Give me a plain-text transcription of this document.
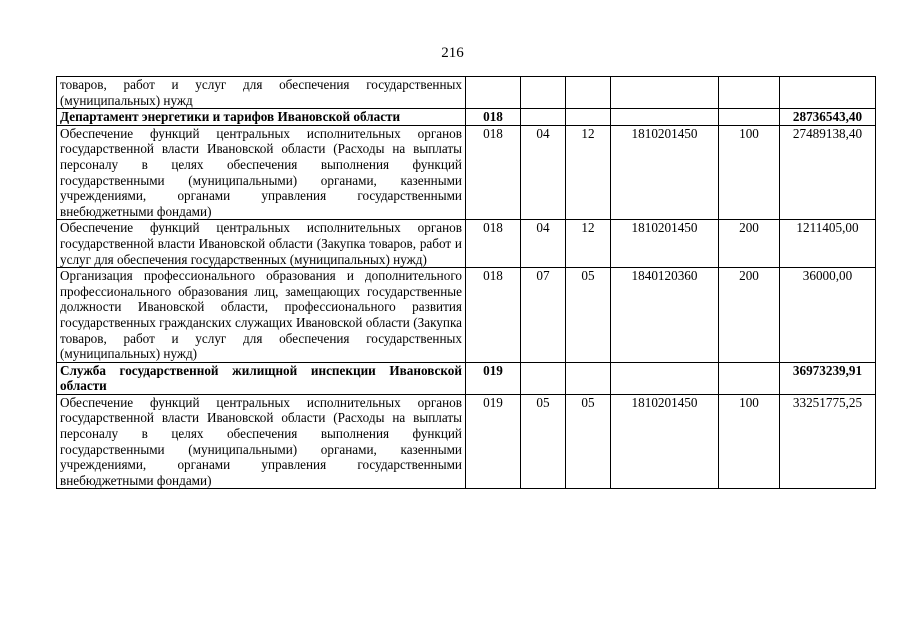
216
товаров, работ и услуг для обеспечения государственных (муниципальных) нужд						
Департамент энергетики и тарифов Ивановской области	018					28736543,40
Обеспечение функций центральных исполнительных органов государственной власти Ивановской области (Расходы на выплаты персоналу в целях обеспечения выполнения функций государственными (муниципальными) органами, казенными учреждениями, органами управления государственными внебюджетными фондами)	018	04	12	1810201450	100	27489138,40
Обеспечение функций центральных исполнительных органов государственной власти Ивановской области (Закупка товаров, работ и услуг для обеспечения государственных (муниципальных) нужд)	018	04	12	1810201450	200	1211405,00
Организация профессионального образования и дополнительного профессионального образования лиц, замещающих государственные должности Ивановской области, профессионального развития государственных гражданских служащих Ивановской области (Закупка товаров, работ и услуг для обеспечения государственных (муниципальных) нужд)	018	07	05	1840120360	200	36000,00
Служба государственной жилищной инспекции Ивановской области	019					36973239,91
Обеспечение функций центральных исполнительных органов государственной власти Ивановской области (Расходы на выплаты персоналу в целях обеспечения выполнения функций государственными (муниципальными) органами, казенными учреждениями, органами управления государственными внебюджетными фондами)	019	05	05	1810201450	100	33251775,25
